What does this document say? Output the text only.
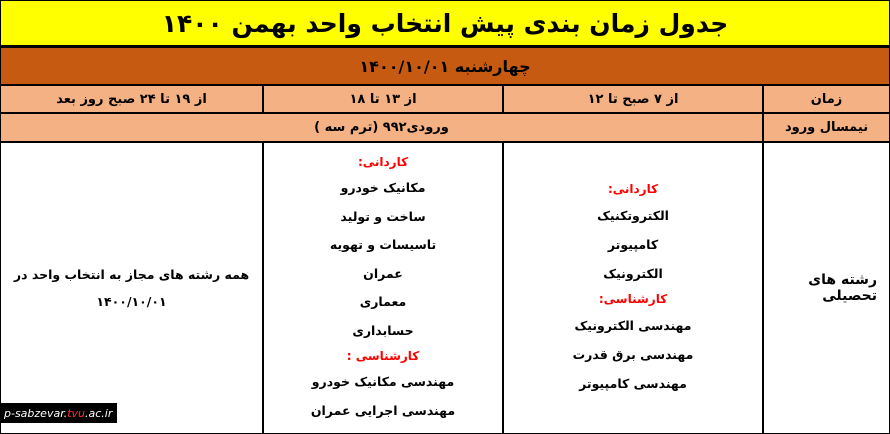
جدول زمان بندی پیش انتخاب واحد بهمن ۱۴۰۰
چهارشنبه ۱۴۰۰/۱۰/۰۱
زمان
از ۷ صبح تا ۱۲
از ۱۳ تا ۱۸
از ۱۹ تا ۲۴ صبح روز بعد
نیمسال ورود
ورودی۹۹۲ (ترم سه )
رشته های تحصیلی
کاردانی:
الکتروتکنیک
کامپیوتر
الکترونیک
کارشناسی:
مهندسی الکترونیک
مهندسی برق قدرت
مهندسی کامپیوتر
کاردانی:
مکانیک خودرو
ساخت و تولید
تاسیسات و تهویه
عمران
معماری
حسابداری
کارشناسی :
مهندسی مکانیک خودرو
مهندسی اجرایی عمران
همه رشته های مجاز به انتخاب واحد در
۱۴۰۰/۱۰/۰۱
p-sabzevar. tvu .ac.ir
